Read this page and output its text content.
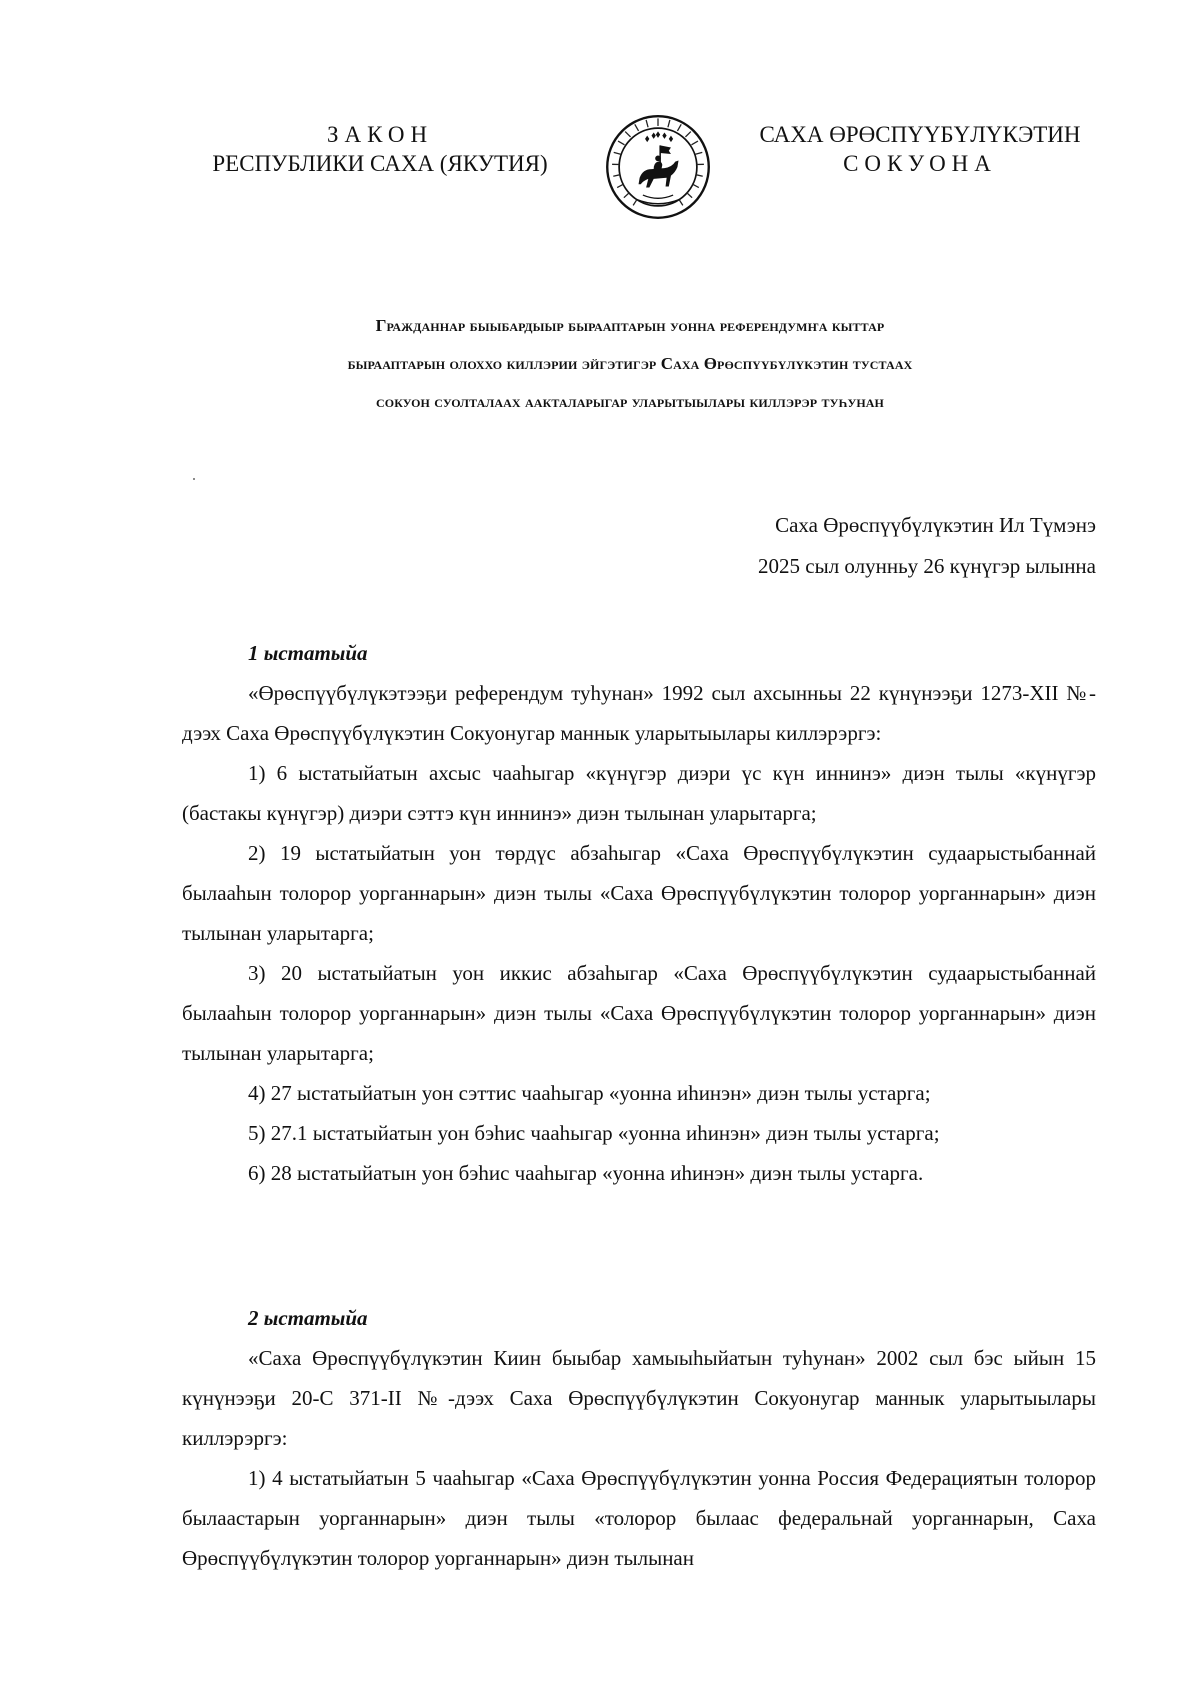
ЗАКОН
РЕСПУБЛИКИ САХА (ЯКУТИЯ)
САХА ӨРӨСПҮҮБҮЛҮКЭТИН
СОКУОНА
Гражданнар быыбардыыр бырааптарын уонна референдумҥа кыттар
бырааптарын олоххо киллэрии эйгэтигэр Саха Өрөспүүбүлүкэтин тустаах
сокуон суолталаах аакталарыгар уларытыылары киллэрэр туһунан
Саха Өрөспүүбүлүкэтин Ил Түмэнэ
2025 сыл олунньу 26 күнүгэр ылынна
1 ыстатыйа

«Өрөспүүбүлүкэтээҕи референдум туһунан» 1992 сыл ахсынньы 22 күнүнээҕи 1273-XII №-дээх Саха Өрөспүүбүлүкэтин Сокуонугар маннык уларытыылары киллэрэргэ:

1) 6 ыстатыйатын ахсыс чааһыгар «күнүгэр диэри үс күн иннинэ» диэн тылы «күнүгэр (бастакы күнүгэр) диэри сэттэ күн иннинэ» диэн тылынан уларытарга;

2) 19 ыстатыйатын уон төрдүс абзаһыгар «Саха Өрөспүүбүлүкэтин судаарыстыбаннай былааһын толорор уорганнарын» диэн тылы «Саха Өрөспүүбүлүкэтин толорор уорганнарын» диэн тылынан уларытарга;

3) 20 ыстатыйатын уон иккис абзаһыгар «Саха Өрөспүүбүлүкэтин судаарыстыбаннай былааһын толорор уорганнарын» диэн тылы «Саха Өрөспүүбүлүкэтин толорор уорганнарын» диэн тылынан уларытарга;

4) 27 ыстатыйатын уон сэттис чааһыгар «уонна иһинэн» диэн тылы устарга;

5) 27.1 ыстатыйатын уон бэһис чааһыгар «уонна иһинэн» диэн тылы устарга;

6) 28 ыстатыйатын уон бэһис чааһыгар «уонна иһинэн» диэн тылы устарга.

2 ыстатыйа

«Саха Өрөспүүбүлүкэтин Киин быыбар хамыыһыйатын туһунан» 2002 сыл бэс ыйын 15 күнүнээҕи 20-С 371-II №-дээх Саха Өрөспүүбүлүкэтин Сокуонугар маннык уларытыылары киллэрэргэ:

1) 4 ыстатыйатын 5 чааһыгар «Саха Өрөспүүбүлүкэтин уонна Россия Федерациятын толорор былаастарын уорганнарын» диэн тылы «толорор былаас федеральнай уорганнарын, Саха Өрөспүүбүлүкэтин толорор уорганнарын» диэн тылынан
